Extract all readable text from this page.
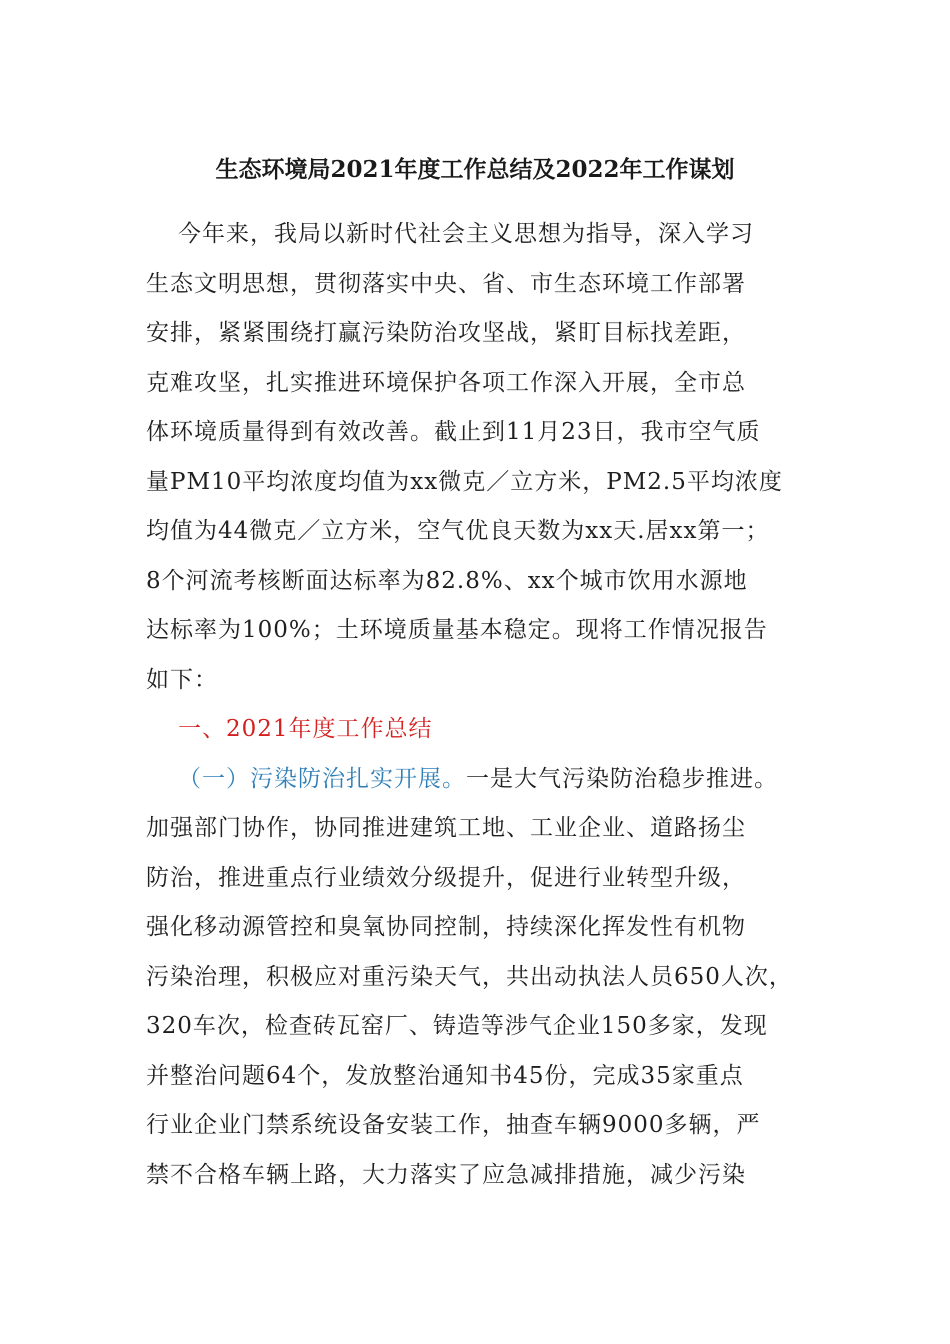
生态环境局2021年度工作总结及2022年工作谋划
今年来，我局以新时代社会主义思想为指导，深入学习
生态文明思想，贯彻落实中央、省、市生态环境工作部署
安排，紧紧围绕打赢污染防治攻坚战，紧盯目标找差距，
克难攻坚，扎实推进环境保护各项工作深入开展，全市总
体环境质量得到有效改善。截止到11月23日，我市空气质
量PM10平均浓度均值为xx微克／立方米，PM2.5平均浓度
均值为44微克／立方米，空气优良天数为xx天.居xx第一；
8个河流考核断面达标率为82.8%、xx个城市饮用水源地
达标率为100%；土环境质量基本稳定。现将工作情况报告
如下：
一、2021年度工作总结
（一）污染防治扎实开展。一是大气污染防治稳步推进。
加强部门协作，协同推进建筑工地、工业企业、道路扬尘
防治，推进重点行业绩效分级提升，促进行业转型升级，
强化移动源管控和臭氧协同控制，持续深化挥发性有机物
污染治理，积极应对重污染天气，共出动执法人员650人次，
320车次，检查砖瓦窑厂、铸造等涉气企业150多家，发现
并整治问题64个，发放整治通知书45份，完成35家重点
行业企业门禁系统设备安装工作，抽查车辆9000多辆，严
禁不合格车辆上路，大力落实了应急减排措施，减少污染
